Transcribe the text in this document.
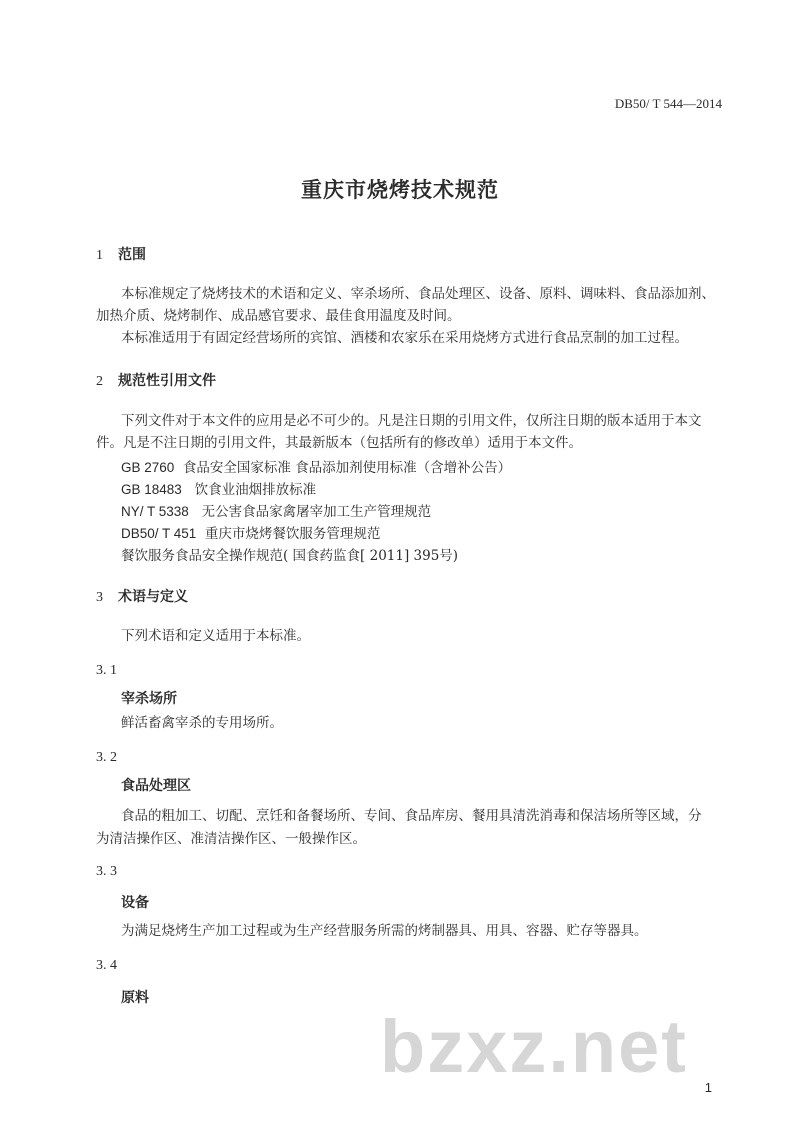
DB50/ T 544—2014
重庆市烧烤技术规范
1 范围
本标准规定了烧烤技术的术语和定义、宰杀场所、食品处理区、设备、原料、调味料、食品添加剂、
加热介质、烧烤制作、成品感官要求、最佳食用温度及时间。
本标准适用于有固定经营场所的宾馆、酒楼和农家乐在采用烧烤方式进行食品烹制的加工过程。
2 规范性引用文件
下列文件对于本文件的应用是必不可少的。凡是注日期的引用文件，仅所注日期的版本适用于本文
件。凡是不注日期的引用文件，其最新版本（包括所有的修改单）适用于本文件。
GB 2760 食品安全国家标准 食品添加剂使用标准（含增补公告）
GB 18483 饮食业油烟排放标准
NY/ T 5338 无公害食品家禽屠宰加工生产管理规范
DB50/ T 451 重庆市烧烤餐饮服务管理规范
餐饮服务食品安全操作规范( 国食药监食[ 2011] 395号)
3 术语与定义
下列术语和定义适用于本标准。
3. 1
宰杀场所
鲜活畜禽宰杀的专用场所。
3. 2
食品处理区
食品的粗加工、切配、烹饪和备餐场所、专间、食品库房、餐用具清洗消毒和保洁场所等区域，分
为清洁操作区、准清洁操作区、一般操作区。
3. 3
设备
为满足烧烤生产加工过程或为生产经营服务所需的烤制器具、用具、容器、贮存等器具。
3. 4
原料
bzxz.net 1
